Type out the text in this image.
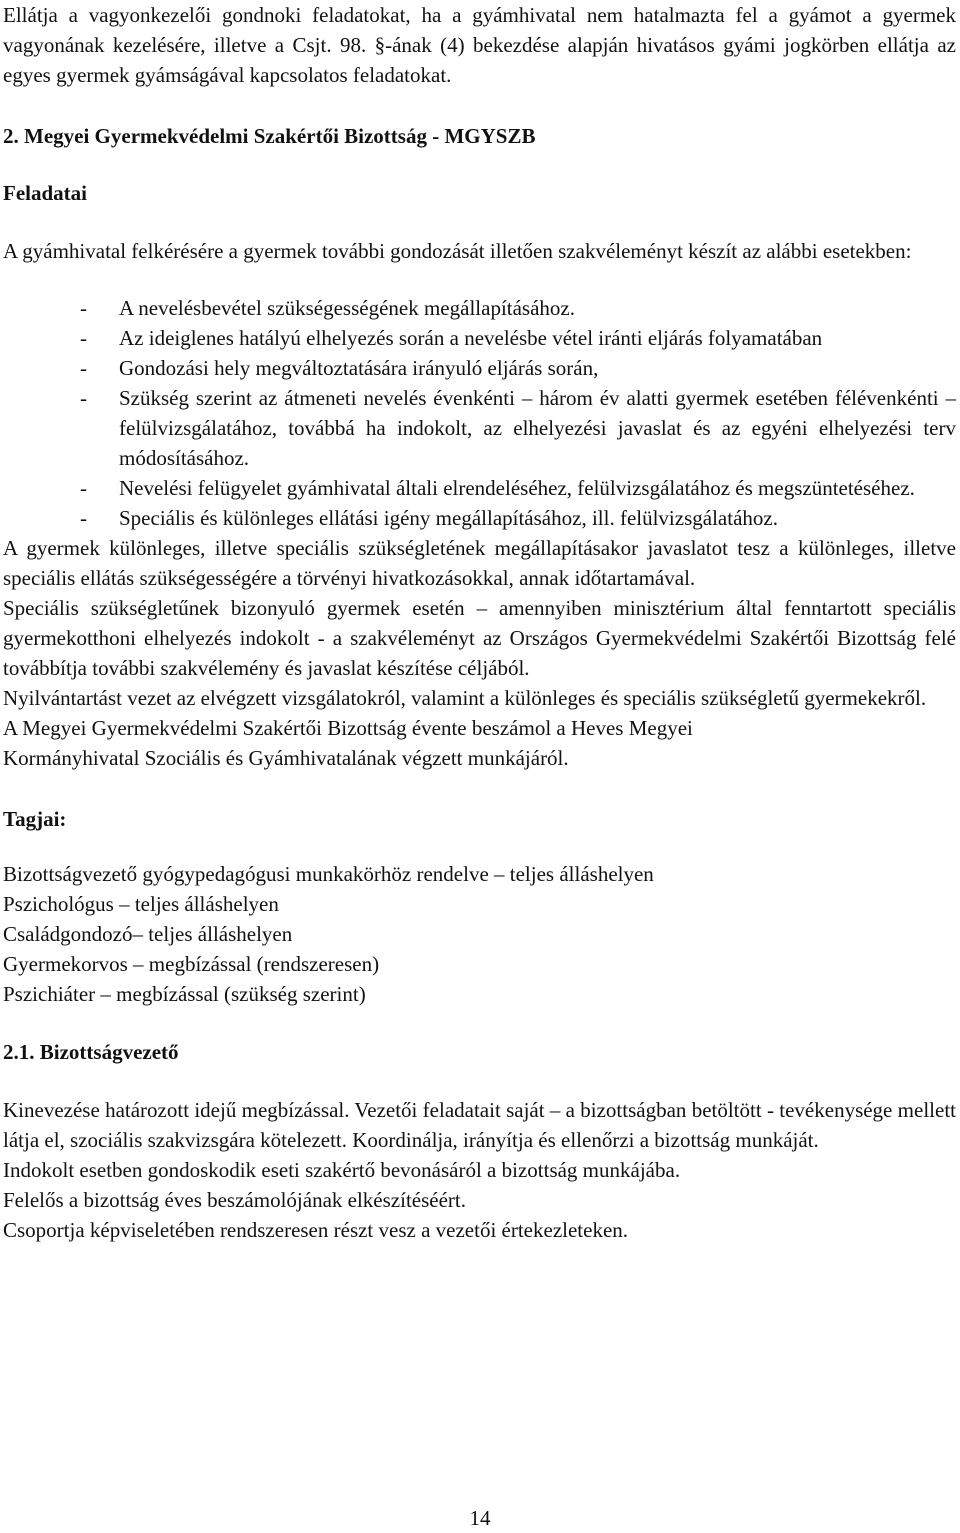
Ellátja a vagyonkezelői gondnoki feladatokat, ha a gyámhivatal nem hatalmazta fel a gyámot a gyermek vagyonának kezelésére, illetve a Csjt. 98. §-ának (4) bekezdése alapján hivatásos gyámi jogkörben ellátja az egyes gyermek gyámságával kapcsolatos feladatokat.

2. Megyei Gyermekvédelmi Szakértői Bizottság - MGYSZB

Feladatai

A gyámhivatal felkérésére a gyermek további gondozását illetően szakvéleményt készít az alábbi esetekben:

- A nevelésbevétel szükségességének megállapításához.
- Az ideiglenes hatályú elhelyezés során a nevelésbe vétel iránti eljárás folyamatában
- Gondozási hely megváltoztatására irányuló eljárás során,
- Szükség szerint az átmeneti nevelés évenkénti – három év alatti gyermek esetében félévenkénti – felülvizsgálatához, továbbá ha indokolt, az elhelyezési javaslat és az egyéni elhelyezési terv módosításához.
- Nevelési felügyelet gyámhivatal általi elrendeléséhez, felülvizsgálatához és megszüntetéséhez.
- Speciális és különleges ellátási igény megállapításához, ill. felülvizsgálatához.

A gyermek különleges, illetve speciális szükségletének megállapításakor javaslatot tesz a különleges, illetve speciális ellátás szükségességére a törvényi hivatkozásokkal, annak időtartamával.

Speciális szükségletűnek bizonyuló gyermek esetén – amennyiben minisztérium által fenntartott speciális gyermekotthoni elhelyezés indokolt - a szakvéleményt az Országos Gyermekvédelmi Szakértői Bizottság felé továbbítja további szakvélemény és javaslat készítése céljából.

Nyilvántartást vezet az elvégzett vizsgálatokról, valamint a különleges és speciális szükségletű gyermekekről.

A Megyei Gyermekvédelmi Szakértői Bizottság évente beszámol a Heves Megyei
Kormányhivatal Szociális és Gyámhivatalának végzett munkájáról.

Tagjai:

Bizottságvezető gyógypedagógusi munkakörhöz rendelve – teljes álláshelyen
Pszichológus – teljes álláshelyen
Családgondozó– teljes álláshelyen
Gyermekorvos – megbízással (rendszeresen)
Pszichiáter – megbízással (szükség szerint)

2.1. Bizottságvezető

Kinevezése határozott idejű megbízással. Vezetői feladatait saját – a bizottságban betöltött - tevékenysége mellett látja el, szociális szakvizsgára kötelezett. Koordinálja, irányítja és ellenőrzi a bizottság munkáját.

Indokolt esetben gondoskodik eseti szakértő bevonásáról a bizottság munkájába.
Felelős a bizottság éves beszámolójának elkészítéséért.
Csoportja képviseletében rendszeresen részt vesz a vezetői értekezleteken.
14
